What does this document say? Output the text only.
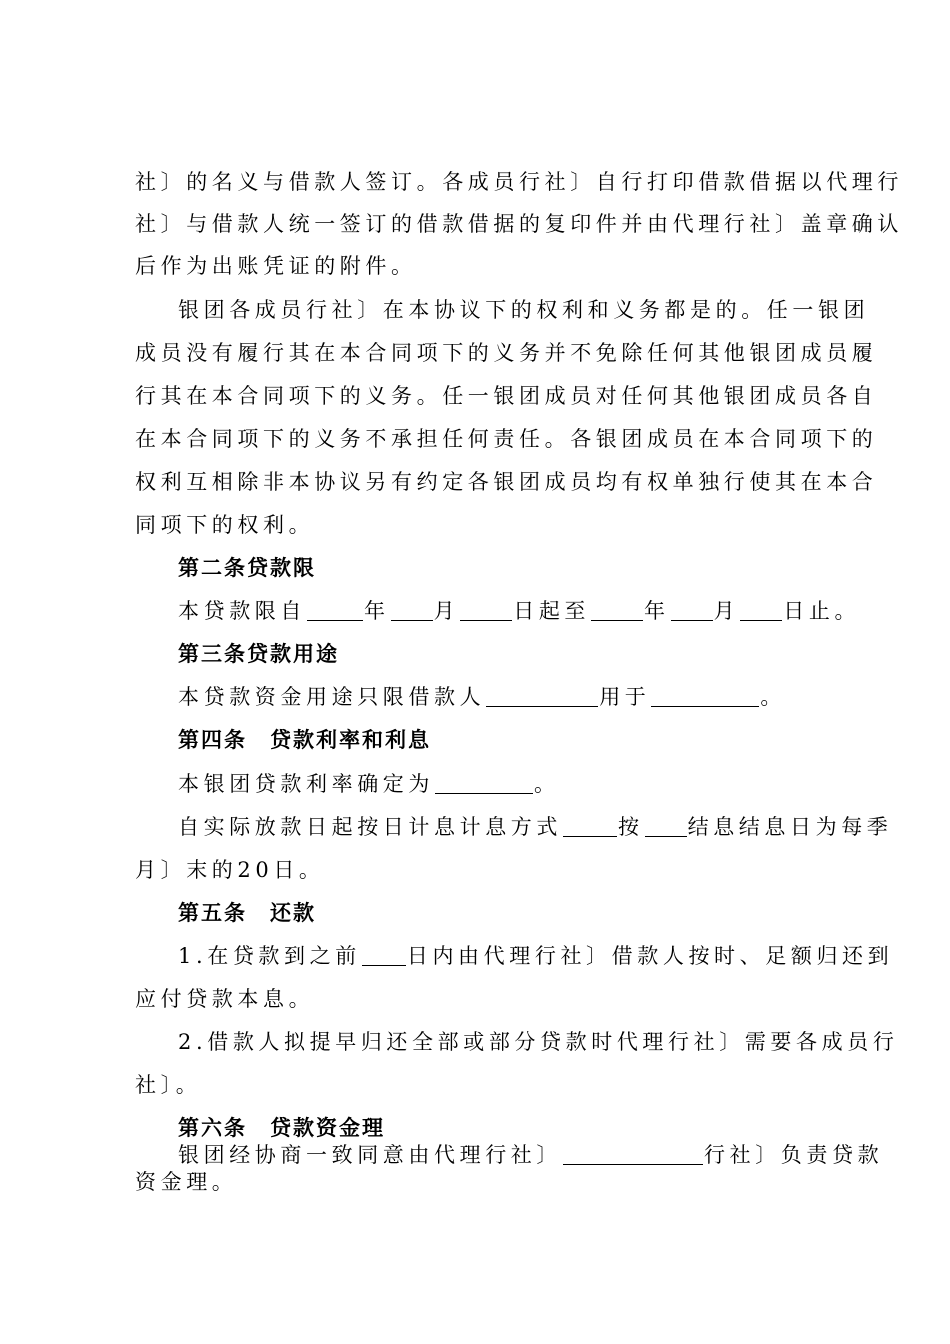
社〕的名义与借款人签订。各成员行社〕自行打印借款借据以代理行
社〕与借款人统一签订的借款借据的复印件并由代理行社〕盖章确认
后作为出账凭证的附件。
银团各成员行社〕在本协议下的权利和义务都是的。任一银团
成员没有履行其在本合同项下的义务并不免除任何其他银团成员履
行其在本合同项下的义务。任一银团成员对任何其他银团成员各自
在本合同项下的义务不承担任何责任。各银团成员在本合同项下的
权利互相除非本协议另有约定各银团成员均有权单独行使其在本合
同项下的权利。
第二条贷款限
本贷款限自	年 月	日起至	年 月 日止。
第三条贷款用途
本贷款资金用途只限借款人	用于	。
第四条　贷款利率和利息
本银团贷款利率确定为	。
自实际放款日起按日计息计息方式	按 结息结息日为每季
月〕末的20日。
第五条　还款
1.在贷款到之前 日内由代理行社〕借款人按时、足额归还到
应付贷款本息。
2.借款人拟提早归还全部或部分贷款时代理行社〕需要各成员行
社〕。
第六条　贷款资金理
银团经协商一致同意由代理行社〕	行社〕负责贷款
资金理。
